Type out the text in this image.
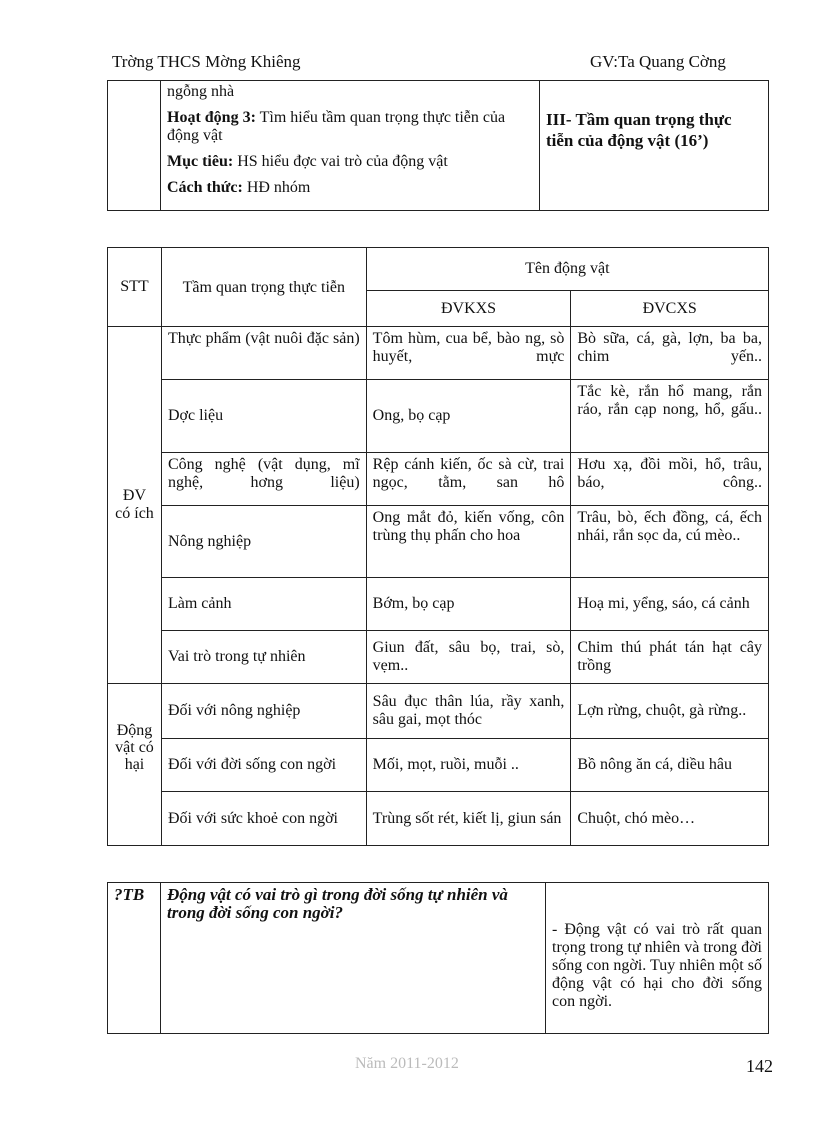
Trờng THCS Mờng Khiêng	GV:Ta Quang Cờng

ngỗng nhà
Hoạt động 3: Tìm hiểu tầm quan trọng thực tiễn của động vật
Mục tiêu: HS hiểu đợc vai trò của động vật
Cách thức: HĐ nhóm
	III- Tầm quan trọng thực tiễn của động vật (16’)
STT	Tầm quan trọng thực tiễn	Tên động vật	
		ĐVKXS	ĐVCXS
ĐV có ích	Thực phẩm (vật nuôi đặc sản)	Tôm hùm, cua bể, bào ng, sò huyết, mực	Bò sữa, cá, gà, lợn, ba ba, chim yến..
	Dợc liệu	Ong, bọ cạp	Tắc kè, rắn hổ mang, rắn ráo, rắn cạp nong, hổ, gấu..
	Công nghệ (vật dụng, mĩ nghệ, hơng liệu)	Rệp cánh kiến, ốc sà cừ, trai ngọc, tằm, san hô	Hơu xạ, đồi mồi, hổ, trâu, báo, công..
	Nông nghiệp	Ong mắt đỏ, kiến vống, côn trùng thụ phấn cho hoa	Trâu, bò, ếch đồng, cá, ếch nhái, rắn sọc da, cú mèo..
	Làm cảnh	Bớm, bọ cạp	Hoạ mi, yểng, sáo, cá cảnh
	Vai trò trong tự nhiên	Giun đất, sâu bọ, trai, sò, vẹm..	Chim thú phát tán hạt cây trồng
Động vật có hại	Đối với nông nghiệp	Sâu đục thân lúa, rầy xanh, sâu gai, mọt thóc	Lợn rừng, chuột, gà rừng..
	Đối với đời sống con ngời	Mối, mọt, ruồi, muỗi ..	Bồ nông ăn cá, diều hâu
	Đối với sức khoẻ con ngời	Trùng sốt rét, kiết lị, giun sán	Chuột, chó mèo…
?TB	Động vật có vai trò gì trong đời sống tự nhiên và trong đời sống con ngời?	- Động vật có vai trò rất quan trọng trong tự nhiên và trong đời sống con ngời. Tuy nhiên một số động vật có hại cho đời sống con ngời.
Năm 2011-2012	142
